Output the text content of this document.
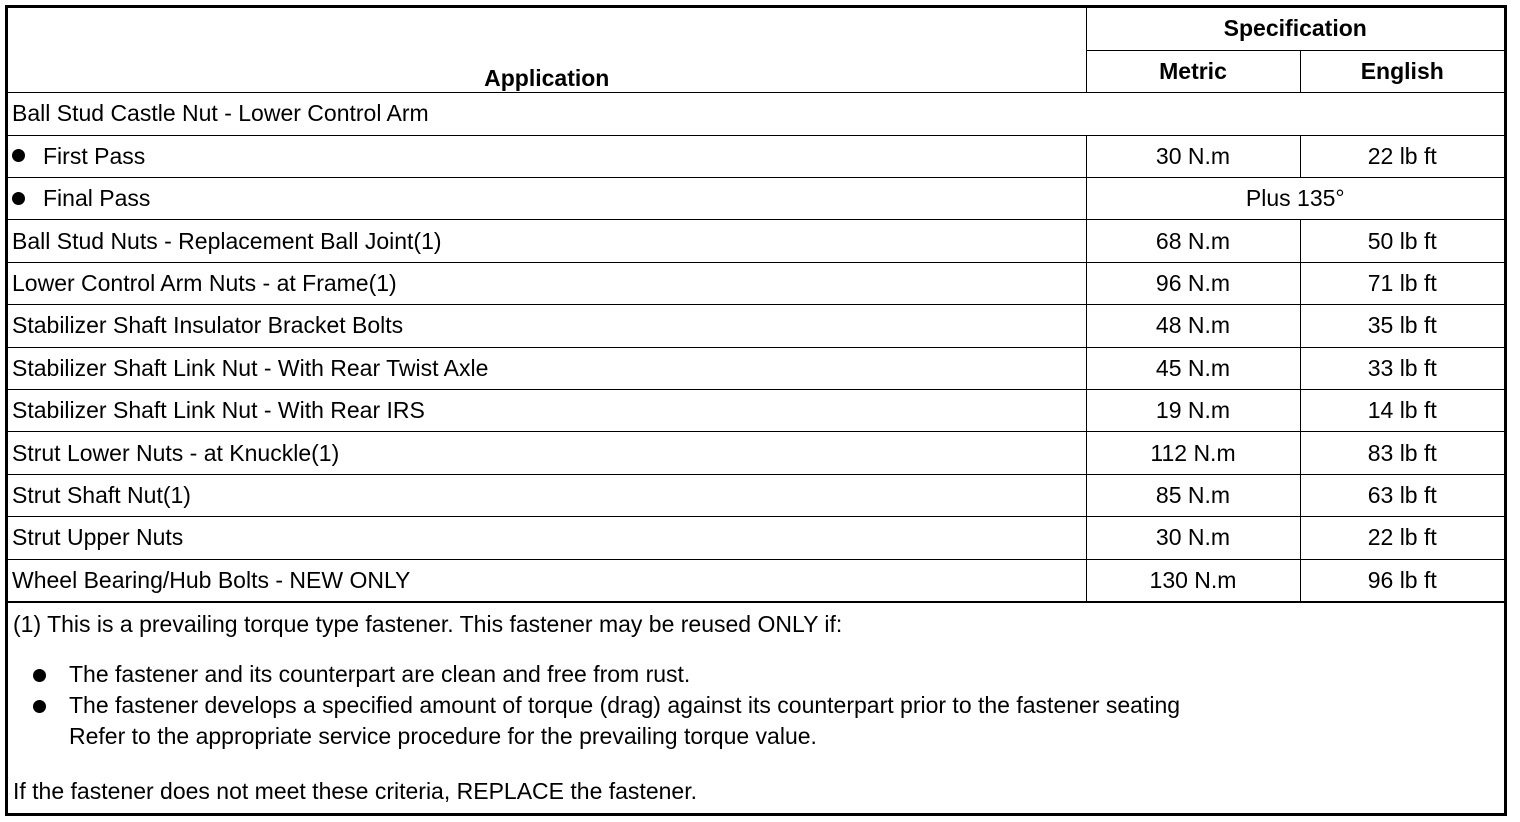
Application	Specification	
	Metric	English
Ball Stud Castle Nut - Lower Control Arm		
First Pass	30 N.m	22 lb ft
Final Pass	Plus 135°	
Ball Stud Nuts - Replacement Ball Joint(1)	68 N.m	50 lb ft
Lower Control Arm Nuts - at Frame(1)	96 N.m	71 lb ft
Stabilizer Shaft Insulator Bracket Bolts	48 N.m	35 lb ft
Stabilizer Shaft Link Nut - With Rear Twist Axle	45 N.m	33 lb ft
Stabilizer Shaft Link Nut - With Rear IRS	19 N.m	14 lb ft
Strut Lower Nuts - at Knuckle(1)	112 N.m	83 lb ft
Strut Shaft Nut(1)	85 N.m	63 lb ft
Strut Upper Nuts	30 N.m	22 lb ft
Wheel Bearing/Hub Bolts - NEW ONLY	130 N.m	96 lb ft
(1) This is a prevailing torque type fastener. This fastener may be reused ONLY if:
The fastener and its counterpart are clean and free from rust.
The fastener develops a specified amount of torque (drag) against its counterpart prior to the fastener seating
Refer to the appropriate service procedure for the prevailing torque value.
If the fastener does not meet these criteria, REPLACE the fastener.
